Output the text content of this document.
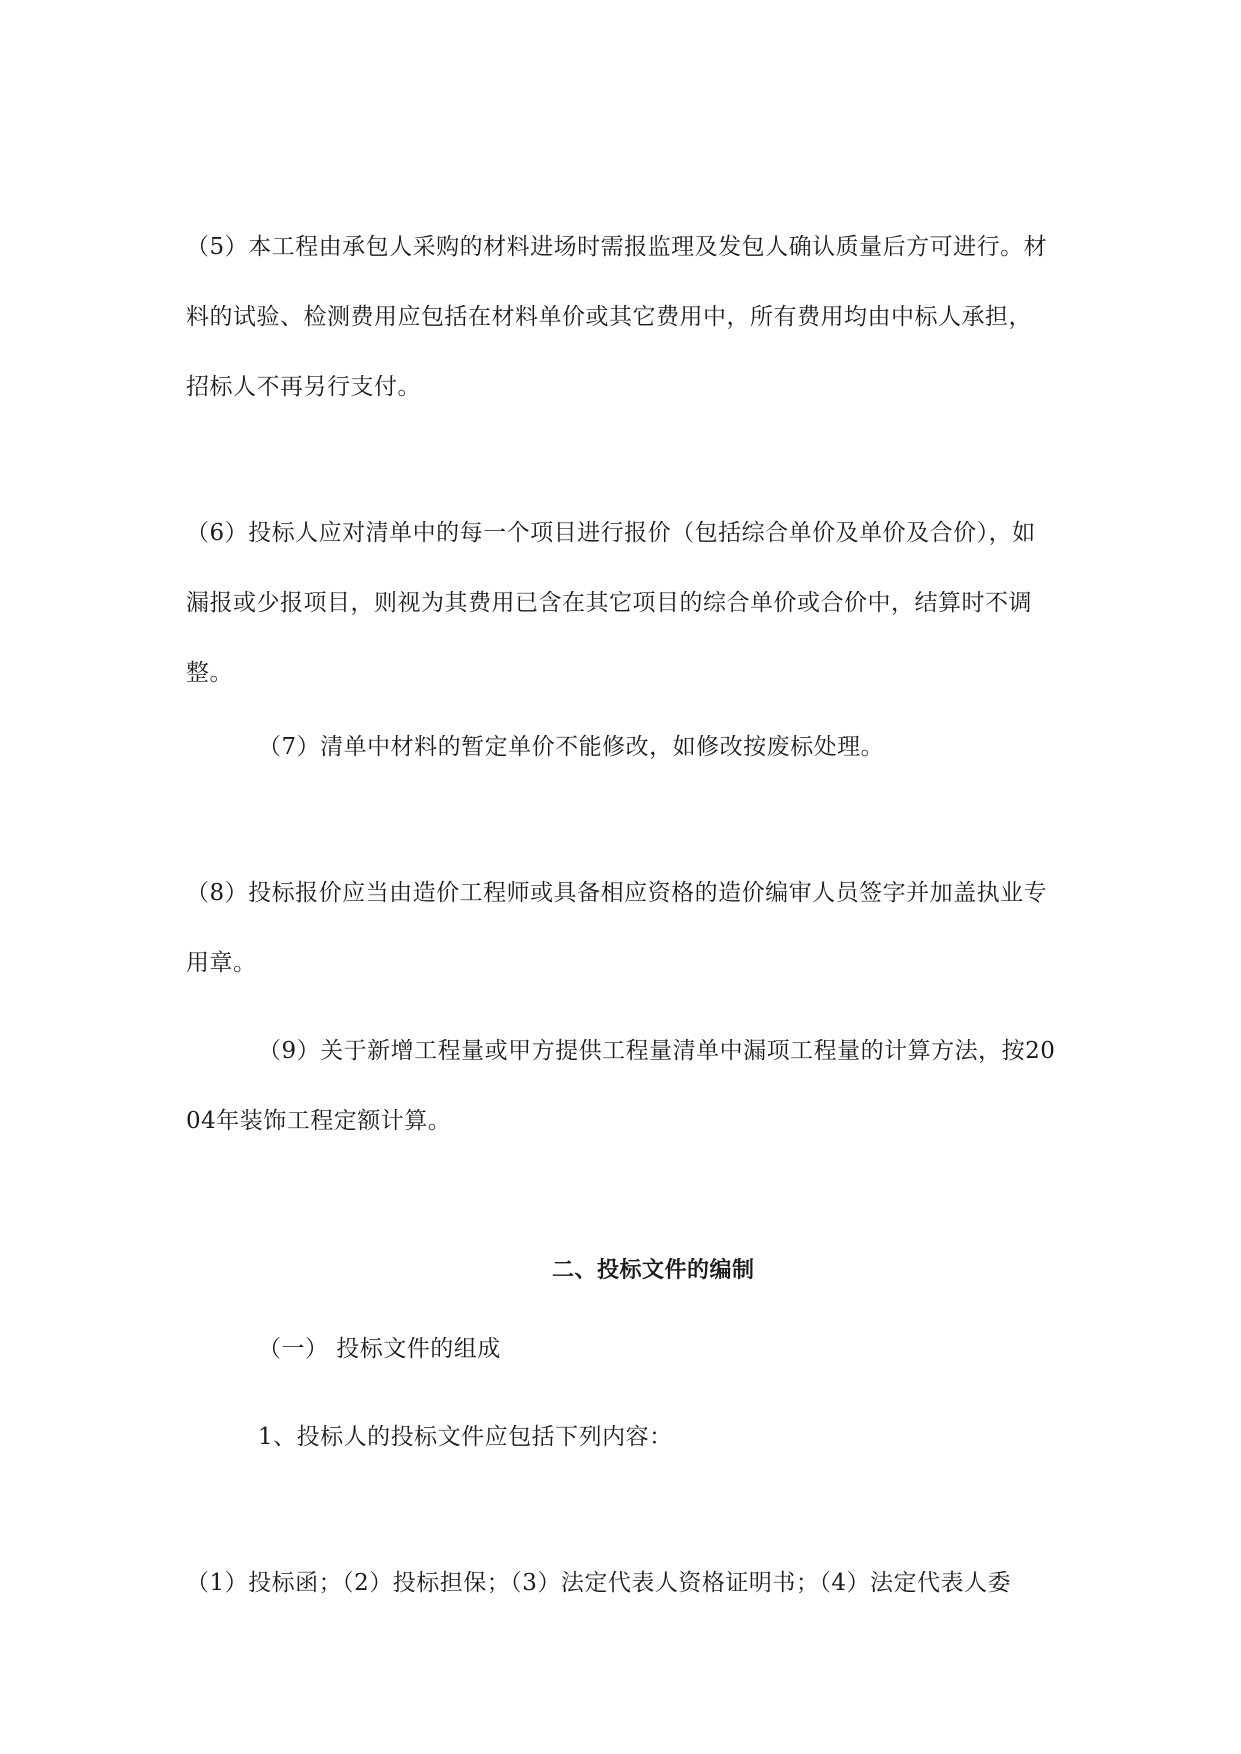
（5）本工程由承包人采购的材料进场时需报监理及发包人确认质量后方可进行。材
料的试验、检测费用应包括在材料单价或其它费用中，所有费用均由中标人承担，
招标人不再另行支付。
（6）投标人应对清单中的每一个项目进行报价（包括综合单价及单价及合价），如
漏报或少报项目，则视为其费用已含在其它项目的综合单价或合价中，结算时不调
整。
（7）清单中材料的暂定单价不能修改，如修改按废标处理。
（8）投标报价应当由造价工程师或具备相应资格的造价编审人员签字并加盖执业专
用章。
（9）关于新增工程量或甲方提供工程量清单中漏项工程量的计算方法，按20
04年装饰工程定额计算。
二、投标文件的编制
（一） 投标文件的组成
1、投标人的投标文件应包括下列内容：
（1）投标函；（2）投标担保；（3）法定代表人资格证明书；（4）法定代表人委
